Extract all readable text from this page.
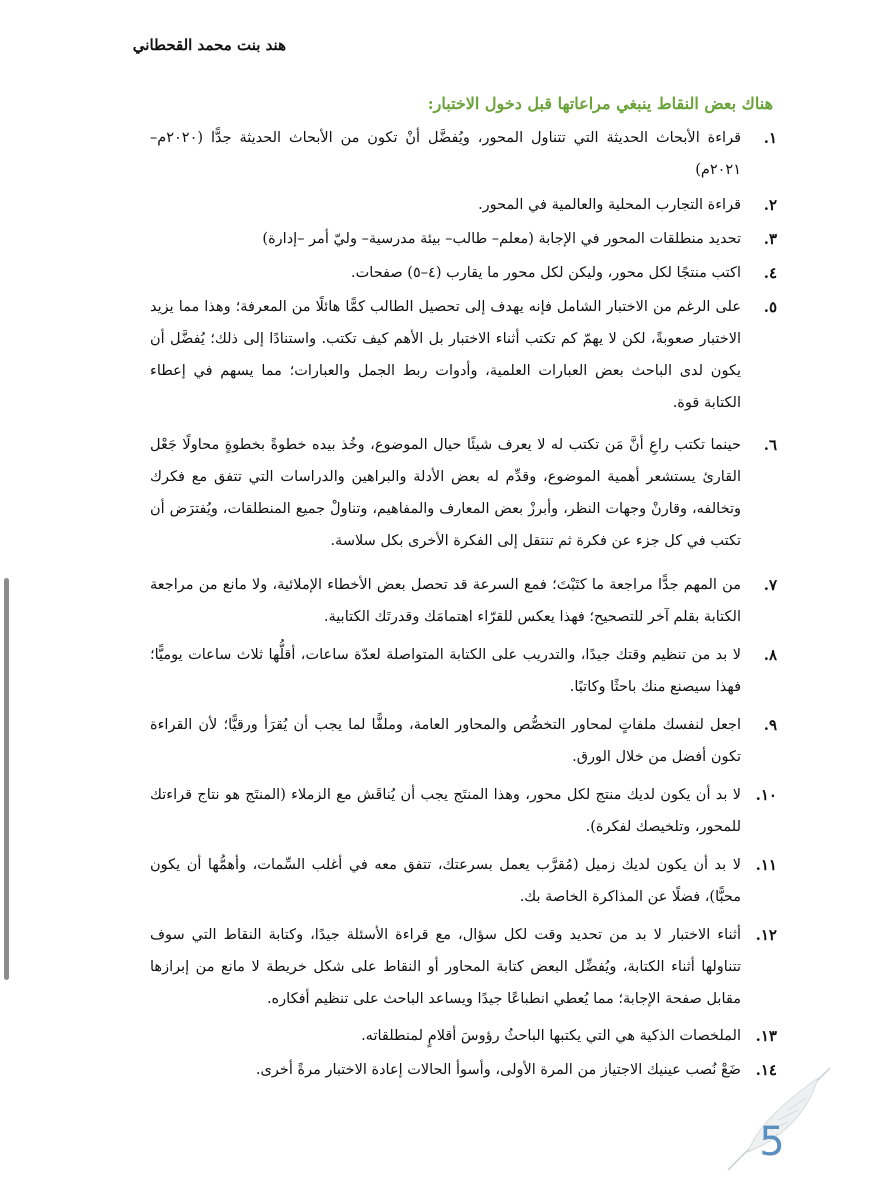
هند بنت محمد القحطاني
هناك بعض النقاط ينبغي مراعاتها قبل دخول الاختبار:
١.
قراءة الأبحاث الحديثة التي تتناول المحور، ويُفضَّل أنْ تكون من الأبحاث الحديثة جدًّا (٢٠٢٠م–٢٠٢١م)
٢.
قراءة التجارب المحلية والعالمية في المحور.
٣.
تحديد منطلقات المحور في الإجابة (معلم– طالب– بيئة مدرسية– وليّ أمر –إدارة)
٤.
اكتب منتجًا لكل محور، وليكن لكل محور ما يقارب (٤–٥) صفحات.
٥.
على الرغم من الاختبار الشامل فإنه يهدف إلى تحصيل الطالب كمًّا هائلًا من المعرفة؛ وهذا مما يزيد الاختبار صعوبةً، لكن لا يهمّ كم تكتب أثناء الاختبار بل الأهم كيف تكتب. واستنادًا إلى ذلك؛ يُفضَّل أن يكون لدى الباحث بعض العبارات العلمية، وأدوات ربط الجمل والعبارات؛ مما يسهم في إعطاء الكتابة قوة.
٦.
حينما تكتب راعِ أنَّ مَن تكتب له لا يعرف شيئًا حيال الموضوع، وخُذ بيده خطوةً بخطوةٍ محاولًا جَعْل القارئ يستشعر أهمية الموضوع، وقدِّم له بعض الأدلة والبراهين والدراسات التي تتفق مع فكرك وتخالفه، وقارنْ وجهات النظر، وأبرزْ بعض المعارف والمفاهيم، وتناولْ جميع المنطلقات، ويُفترَض أن تكتب في كل جزء عن فكرة ثم تنتقل إلى الفكرة الأخرى بكل سلاسة.
٧.
من المهم جدًّا مراجعة ما كتَبْتَ؛ فمع السرعة قد تحصل بعض الأخطاء الإملائية، ولا مانع من مراجعة الكتابة بقلم آخر للتصحيح؛ فهذا يعكس للقرّاء اهتمامَك وقدرتَك الكتابية.
٨.
لا بد من تنظيم وقتك جيدًا، والتدريب على الكتابة المتواصلة لعدّة ساعات، أقلُّها ثلاث ساعات يوميًّا؛ فهذا سيصنع منك باحثًا وكاتبًا.
٩.
اجعل لنفسك ملفاتٍ لمحاور التخصُّص والمحاور العامة، وملفًّا لما يجب أن يُقرَأ ورقيًّا؛ لأن القراءة تكون أفضل من خلال الورق.
١٠.
لا بد أن يكون لديك منتج لكل محور، وهذا المنتَج يجب أن يُناقَش مع الزملاء (المنتَج هو نتاج قراءتك للمحور، وتلخيصك لفكرة).
١١.
لا بد أن يكون لديك زميل (مُقرَّب يعمل بسرعتك، تتفق معه في أغلب السِّمات، وأهمُّها أن يكون محبًّا)، فضلًا عن المذاكرة الخاصة بك.
١٢.
أثناء الاختبار لا بد من تحديد وقت لكل سؤال، مع قراءة الأسئلة جيدًا، وكتابة النقاط التي سوف تتناولها أثناء الكتابة، ويُفضِّل البعض كتابة المحاور أو النقاط على شكل خريطة لا مانع من إبرازها مقابل صفحة الإجابة؛ مما يُعطي انطباعًا جيدًا ويساعد الباحث على تنظيم أفكاره.
١٣.
الملخصات الذكية هي التي يكتبها الباحثُ رؤوسَ أقلامٍ لمنطلقاته.
١٤.
ضَعْ نُصب عينيك الاجتياز من المرة الأولى، وأسوأ الحالات إعادة الاختبار مرةً أخرى.
5
